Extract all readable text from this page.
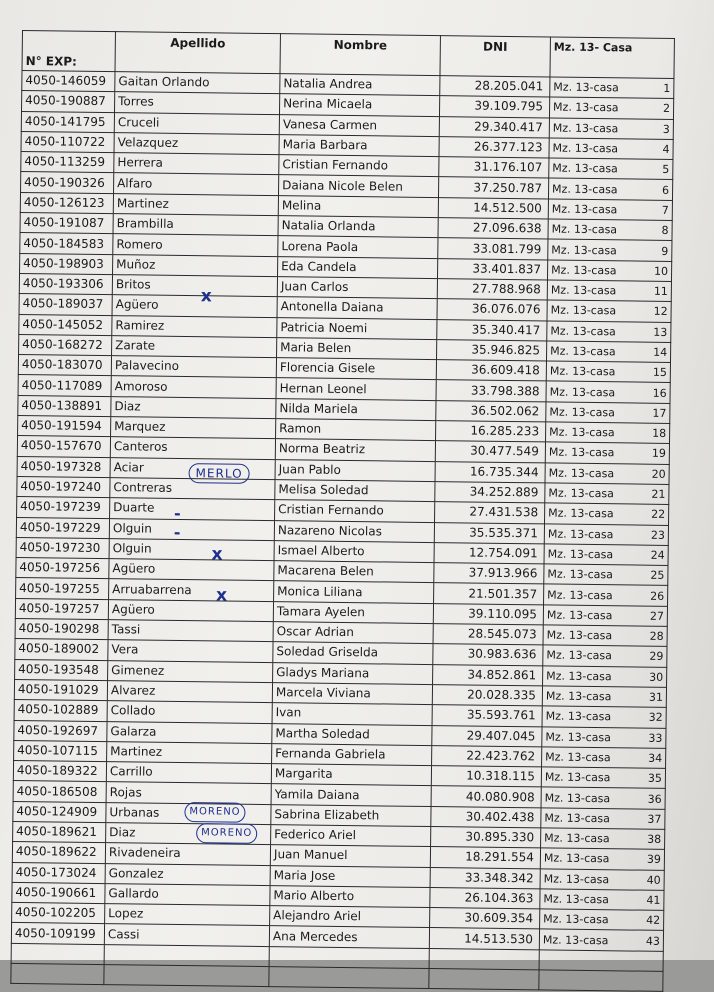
N° EXP:	Apellido	Nombre	DNI	Mz. 13- Casa
4050-146059	Gaitan Orlando	Natalia Andrea	28.205.041	Mz. 13-casa 1

4050-190887	Torres	Nerina Micaela	39.109.795	Mz. 13-casa 2

4050-141795	Cruceli	Vanesa Carmen	29.340.417	Mz. 13-casa 3

4050-110722	Velazquez	Maria Barbara	26.377.123	Mz. 13-casa 4

4050-113259	Herrera	Cristian Fernando	31.176.107	Mz. 13-casa 5

4050-190326	Alfaro	Daiana Nicole Belen	37.250.787	Mz. 13-casa 6

4050-126123	Martinez	Melina	14.512.500	Mz. 13-casa 7

4050-191087	Brambilla	Natalia Orlanda	27.096.638	Mz. 13-casa 8

4050-184583	Romero	Lorena Paola	33.081.799	Mz. 13-casa 9

4050-198903	Muñoz	Eda Candela	33.401.837	Mz. 13-casa 10

4050-193306	Britos	Juan Carlos	27.788.968	Mz. 13-casa 11

4050-189037	Agüero	Antonella Daiana	36.076.076	Mz. 13-casa 12

4050-145052	Ramirez	Patricia Noemi	35.340.417	Mz. 13-casa 13

4050-168272	Zarate	Maria Belen	35.946.825	Mz. 13-casa 14

4050-183070	Palavecino	Florencia Gisele	36.609.418	Mz. 13-casa 15

4050-117089	Amoroso	Hernan Leonel	33.798.388	Mz. 13-casa 16

4050-138891	Diaz	Nilda Mariela	36.502.062	Mz. 13-casa 17

4050-191594	Marquez	Ramon	16.285.233	Mz. 13-casa 18

4050-157670	Canteros	Norma Beatriz	30.477.549	Mz. 13-casa 19

4050-197328	Aciar	Juan Pablo	16.735.344	Mz. 13-casa 20

4050-197240	Contreras	Melisa Soledad	34.252.889	Mz. 13-casa 21

4050-197239	Duarte	Cristian Fernando	27.431.538	Mz. 13-casa 22

4050-197229	Olguin	Nazareno Nicolas	35.535.371	Mz. 13-casa 23

4050-197230	Olguin	Ismael Alberto	12.754.091	Mz. 13-casa 24

4050-197256	Agüero	Macarena Belen	37.913.966	Mz. 13-casa 25

4050-197255	Arruabarrena	Monica Liliana	21.501.357	Mz. 13-casa 26

4050-197257	Agüero	Tamara Ayelen	39.110.095	Mz. 13-casa 27

4050-190298	Tassi	Oscar Adrian	28.545.073	Mz. 13-casa 28

4050-189002	Vera	Soledad Griselda	30.983.636	Mz. 13-casa 29

4050-193548	Gimenez	Gladys Mariana	34.852.861	Mz. 13-casa 30

4050-191029	Alvarez	Marcela Viviana	20.028.335	Mz. 13-casa 31

4050-102889	Collado	Ivan	35.593.761	Mz. 13-casa 32

4050-192697	Galarza	Martha Soledad	29.407.045	Mz. 13-casa 33

4050-107115	Martinez	Fernanda Gabriela	22.423.762	Mz. 13-casa 34

4050-189322	Carrillo	Margarita	10.318.115	Mz. 13-casa 35

4050-186508	Rojas	Yamila Daiana	40.080.908	Mz. 13-casa 36

4050-124909	Urbanas	Sabrina Elizabeth	30.402.438	Mz. 13-casa 37

4050-189621	Diaz	Federico Ariel	30.895.330	Mz. 13-casa 38

4050-189622	Rivadeneira	Juan Manuel	18.291.554	Mz. 13-casa 39

4050-173024	Gonzalez	Maria Jose	33.348.342	Mz. 13-casa 40

4050-190661	Gallardo	Mario Alberto	26.104.363	Mz. 13-casa 41

4050-102205	Lopez	Alejandro Ariel	30.609.354	Mz. 13-casa 42

4050-109199	Cassi	Ana Mercedes	14.513.530	Mz. 13-casa 43

x
MERLO
-
-
x
x
MORENO
MORENO
